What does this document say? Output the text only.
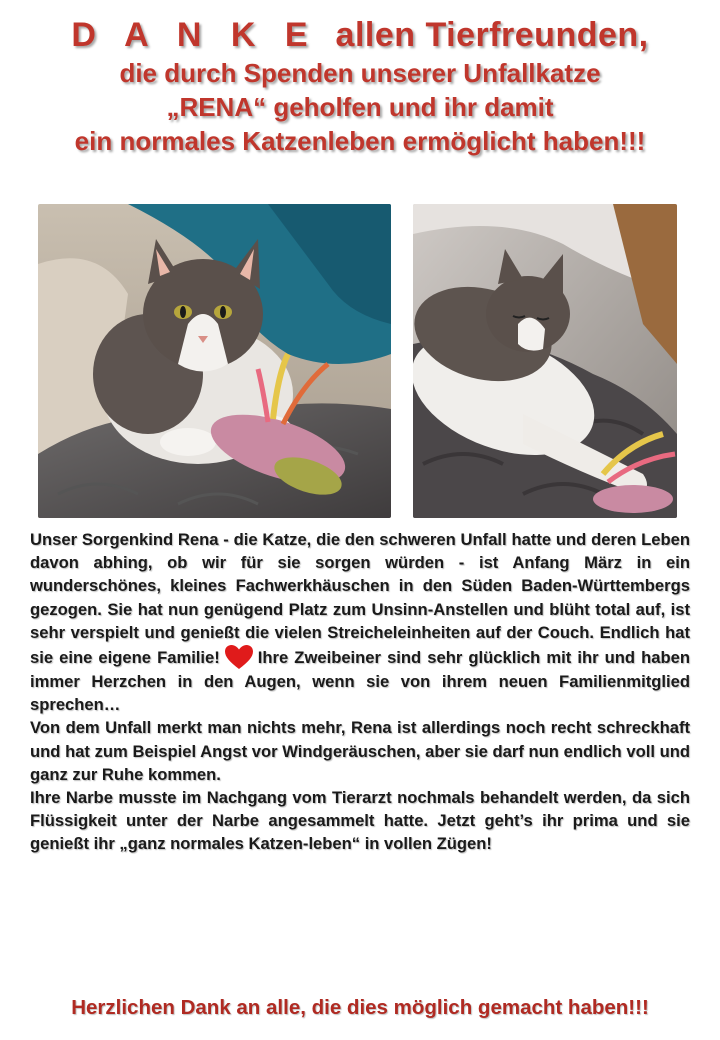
D A N K E allen Tierfreunden,
die durch Spenden unserer Unfallkatze
„RENA“ geholfen und ihr damit
ein normales Katzenleben ermöglicht haben!!!

Unser Sorgenkind Rena - die Katze, die den schweren Unfall hatte und deren Leben davon abhing, ob wir für sie sorgen würden - ist Anfang März in ein wunderschönes, kleines Fachwerkhäuschen in den Süden Baden-Württembergs gezogen. Sie hat nun genügend Platz zum Unsinn-Anstellen und blüht total auf, ist sehr verspielt und genießt die vielen Streicheleinheiten auf der Couch. Endlich hat sie eine eigene Familie! Ihre Zweibeiner sind sehr glücklich mit ihr und haben immer Herzchen in den Augen, wenn sie von ihrem neuen Familienmitglied sprechen…

Von dem Unfall merkt man nichts mehr, Rena ist allerdings noch recht schreckhaft und hat zum Beispiel Angst vor Windgeräuschen, aber sie darf nun endlich voll und ganz zur Ruhe kommen.

Ihre Narbe musste im Nachgang vom Tierarzt nochmals behandelt werden, da sich Flüssigkeit unter der Narbe angesammelt hatte. Jetzt geht’s ihr prima und sie genießt ihr „ganz normales Katzen-leben“ in vollen Zügen!

Herzlichen Dank an alle, die dies möglich gemacht haben!!!
